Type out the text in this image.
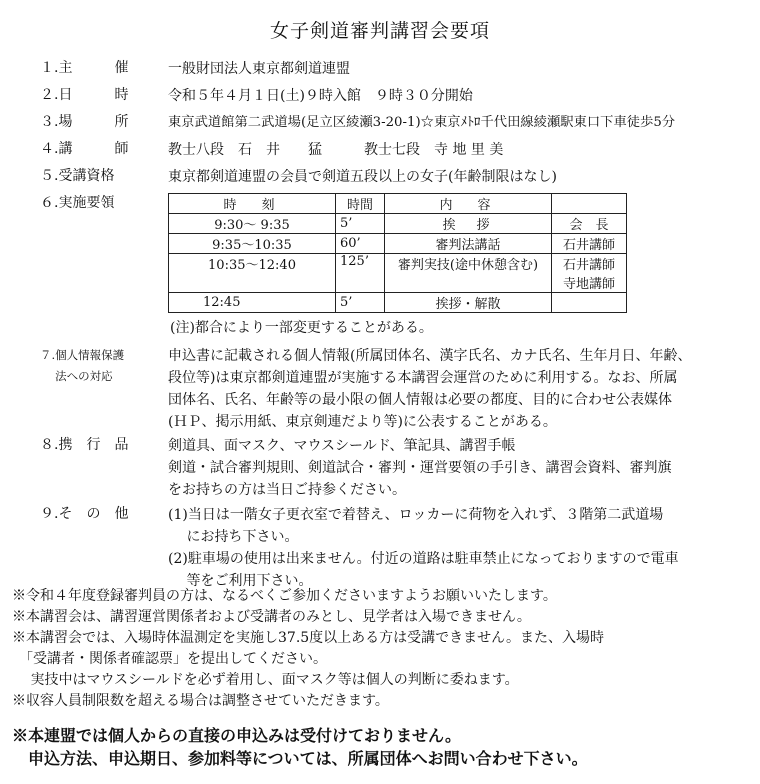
女子剣道審判講習会要項
１.主　　　催	一般財団法人東京都剣道連盟
２.日　　　時	令和５年４月１日(土)９時入館　９時３０分開始
３.場　　　所	東京武道館第二武道場(足立区綾瀬3-20-1)☆東京ﾒﾄﾛ千代田線綾瀬駅東口下車徒歩5分
４.講　　　師	教士八段　石　井　　猛　　　教士七段　寺 地 里 美
５.受講資格	東京都剣道連盟の会員で剣道五段以上の女子(年齢制限はなし)
６.実施要領	時　刻	時間	内　容	
9:30～ 9:35	5’	挨　拶	会　長
9:35～10:35	60’	審判法講話	石井講師
10:35～12:40	125’	審判実技(途中休憩含む)	石井講師
寺地講師

12:45	5’	挨拶・解散	
(注)都合により一部変更することがある。
７.個人情報保護
　 法への対応
申込書に記載される個人情報(所属団体名、漢字氏名、カナ氏名、生年月日、年齢、
段位等)は東京都剣道連盟が実施する本講習会運営のために利用する。なお、所属
団体名、氏名、年齢等の最小限の個人情報は必要の都度、目的に合わせ公表媒体
(ＨＰ、掲示用紙、東京剣連だより等)に公表することがある。
８.携　行　品	剣道具、面マスク、マウスシールド、筆記具、講習手帳
剣道・試合審判規則、剣道試合・審判・運営要領の手引き、講習会資料、審判旗
をお持ちの方は当日ご持参ください。
９.そ　の　他	(1)当日は一階女子更衣室で着替え、ロッカーに荷物を入れず、３階第二武道場
　 にお持ち下さい。
(2)駐車場の使用は出来ません。付近の道路は駐車禁止になっておりますので電車
　 等をご利用下さい。
※令和４年度登録審判員の方は、なるべくご参加くださいますようお願いいたします。
※本講習会は、講習運営関係者および受講者のみとし、見学者は入場できません。
※本講習会では、入場時体温測定を実施し37.5度以上ある方は受講できません。また、入場時
　「受講者・関係者確認票」を提出してください。
　 実技中はマウスシールドを必ず着用し、面マスク等は個人の判断に委ねます。
※収容人員制限数を超える場合は調整させていただきます。
※本連盟では個人からの直接の申込みは受付けておりません。
　申込方法、申込期日、参加料等については、所属団体へお問い合わせ下さい。
